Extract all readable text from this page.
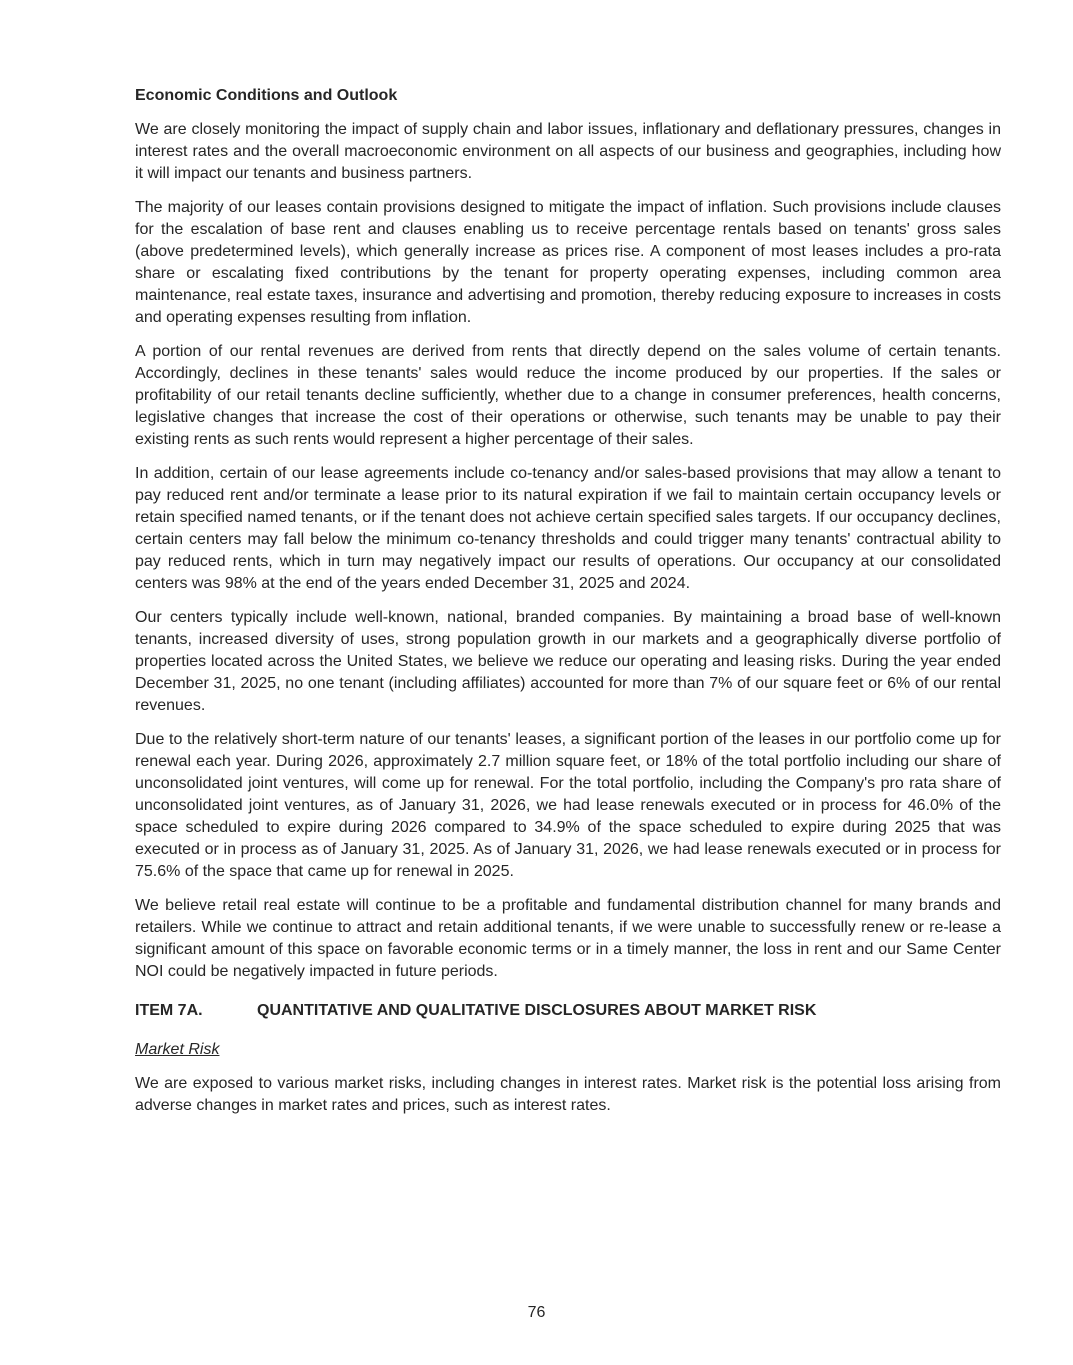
Economic Conditions and Outlook

We are closely monitoring the impact of supply chain and labor issues, inflationary and deflationary pressures, changes in interest rates and the overall macroeconomic environment on all aspects of our business and geographies, including how it will impact our tenants and business partners.

The majority of our leases contain provisions designed to mitigate the impact of inflation. Such provisions include clauses for the escalation of base rent and clauses enabling us to receive percentage rentals based on tenants' gross sales (above predetermined levels), which generally increase as prices rise. A component of most leases includes a pro-rata share or escalating fixed contributions by the tenant for property operating expenses, including common area maintenance, real estate taxes, insurance and advertising and promotion, thereby reducing exposure to increases in costs and operating expenses resulting from inflation.

A portion of our rental revenues are derived from rents that directly depend on the sales volume of certain tenants. Accordingly, declines in these tenants' sales would reduce the income produced by our properties. If the sales or profitability of our retail tenants decline sufficiently, whether due to a change in consumer preferences, health concerns, legislative changes that increase the cost of their operations or otherwise, such tenants may be unable to pay their existing rents as such rents would represent a higher percentage of their sales.

In addition, certain of our lease agreements include co-tenancy and/or sales-based provisions that may allow a tenant to pay reduced rent and/or terminate a lease prior to its natural expiration if we fail to maintain certain occupancy levels or retain specified named tenants, or if the tenant does not achieve certain specified sales targets. If our occupancy declines, certain centers may fall below the minimum co-tenancy thresholds and could trigger many tenants' contractual ability to pay reduced rents, which in turn may negatively impact our results of operations. Our occupancy at our consolidated centers was 98% at the end of the years ended December 31, 2025 and 2024.

Our centers typically include well-known, national, branded companies. By maintaining a broad base of well-known tenants, increased diversity of uses, strong population growth in our markets and a geographically diverse portfolio of properties located across the United States, we believe we reduce our operating and leasing risks. During the year ended December 31, 2025, no one tenant (including affiliates) accounted for more than 7% of our square feet or 6% of our rental revenues.

Due to the relatively short-term nature of our tenants' leases, a significant portion of the leases in our portfolio come up for renewal each year. During 2026, approximately 2.7 million square feet, or 18% of the total portfolio including our share of unconsolidated joint ventures, will come up for renewal. For the total portfolio, including the Company's pro rata share of unconsolidated joint ventures, as of January 31, 2026, we had lease renewals executed or in process for 46.0% of the space scheduled to expire during 2026 compared to 34.9% of the space scheduled to expire during 2025 that was executed or in process as of January 31, 2025. As of January 31, 2026, we had lease renewals executed or in process for 75.6% of the space that came up for renewal in 2025.

We believe retail real estate will continue to be a profitable and fundamental distribution channel for many brands and retailers. While we continue to attract and retain additional tenants, if we were unable to successfully renew or re-lease a significant amount of this space on favorable economic terms or in a timely manner, the loss in rent and our Same Center NOI could be negatively impacted in future periods.

ITEM 7A.	QUANTITATIVE AND QUALITATIVE DISCLOSURES ABOUT MARKET RISK
Market Risk

We are exposed to various market risks, including changes in interest rates. Market risk is the potential loss arising from adverse changes in market rates and prices, such as interest rates.

76
